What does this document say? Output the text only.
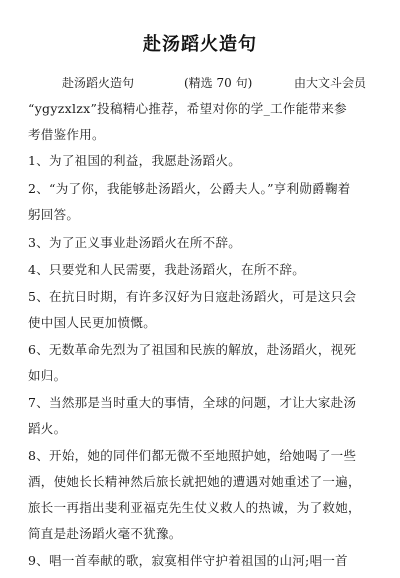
赴汤蹈火造句
赴汤蹈火造句	(精选 70 句)	由大文斗会员
“ygyzxlzx”投稿精心推荐，希望对你的学_工作能带来参
考借鉴作用。
1、为了祖国的利益，我愿赴汤蹈火。
2、“为了你，我能够赴汤蹈火，公爵夫人。”亨利勋爵鞠着
躬回答。
3、为了正义事业赴汤蹈火在所不辞。
4、只要党和人民需要，我赴汤蹈火，在所不辞。
5、在抗日时期，有许多汉好为日寇赴汤蹈火，可是这只会
使中国人民更加愤慨。
6、无数革命先烈为了祖国和民族的解放，赴汤蹈火，视死
如归。
7、当然那是当时重大的事情，全球的问题，才让大家赴汤
蹈火。
8、开始，她的同伴们都无微不至地照护她，给她喝了一些
酒，使她长长精神然后旅长就把她的遭遇对她重述了一遍，
旅长一再指出斐利亚福克先生仗义救人的热诚，为了救她，
简直是赴汤蹈火毫不犹豫。
9、唱一首奉献的歌，寂寞相伴守护着祖国的山河;唱一首
